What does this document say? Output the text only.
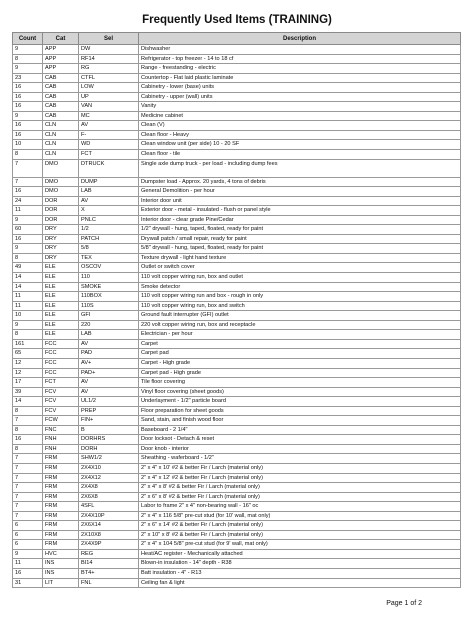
Frequently Used Items (TRAINING)
Count	Cat	Sel	Description
9	APP	DW	Dishwasher
8	APP	RF14	Refrigerator - top freezer - 14 to 18 cf
9	APP	RG	Range - freestanding - electric
23	CAB	CTFL	Countertop - Flat laid plastic laminate
16	CAB	LOW	Cabinetry - lower (base) units
16	CAB	UP	Cabinetry - upper (wall) units
16	CAB	VAN	Vanity
9	CAB	MC	Medicine cabinet
16	CLN	AV	Clean (V)
16	CLN	F-	Clean floor - Heavy
10	CLN	WD	Clean window unit (per side) 10 - 20 SF
8	CLN	FCT	Clean floor - tile
7	DMO	DTRUCK	Single axle dump truck - per load - including dump fees
7	DMO	DUMP	Dumpster load - Approx. 20 yards, 4 tons of debris
16	DMO	LAB	General Demolition - per hour
24	DOR	AV	Interior door unit
11	DOR	X	Exterior door - metal - insulated - flush or panel style
9	DOR	PNLC	Interior door - clear grade Pine/Cedar
60	DRY	1/2	1/2" drywall - hung, taped, floated, ready for paint
16	DRY	PATCH	Drywall patch / small repair, ready for paint
9	DRY	5/8	5/8" drywall - hung, taped, floated, ready for paint
8	DRY	TEX	Texture drywall - light hand texture
49	ELE	OSCOV	Outlet or switch cover
14	ELE	110	110 volt copper wiring run, box and outlet
14	ELE	SMOKE	Smoke detector
11	ELE	110BOX	110 volt copper wiring run and box - rough in only
11	ELE	110S	110 volt copper wiring run, box and switch
10	ELE	GFI	Ground fault interrupter (GFI) outlet
9	ELE	220	220 volt copper wiring run, box and receptacle
8	ELE	LAB	Electrician - per hour
161	FCC	AV	Carpet
65	FCC	PAD	Carpet pad
12	FCC	AV+	Carpet - High grade
12	FCC	PAD+	Carpet pad - High grade
17	FCT	AV	Tile floor covering
39	FCV	AV	Vinyl floor covering (sheet goods)
14	FCV	UL1/2	Underlayment - 1/2" particle board
8	FCV	PREP	Floor preparation for sheet goods
7	FCW	FIN+	Sand, stain, and finish wood floor
8	FNC	B	Baseboard - 2 1/4"
16	FNH	DORHRS	Door locksot - Detach & reset
8	FNH	DORH	Door knob - interior
7	FRM	SHW1/2	Sheathing - waferboard - 1/2"
7	FRM	2X4X10	2" x 4" x 10' #2 & better Fir / Larch (material only)
7	FRM	2X4X12	2" x 4" x 12' #2 & better Fir / Larch (material only)
7	FRM	2X4X8	2" x 4" x 8' #2 & better Fir / Larch (material only)
7	FRM	2X6X8	2" x 6" x 8' #2 & better Fir / Larch (material only)
7	FRM	4SFL	Labor to frame 2" x 4" non-bearing wall - 16" oc
7	FRM	2X4X10P	2" x 4" x 116 5/8" pre-cut stud (for 10' wall, mat only)
6	FRM	2X6X14	2" x 6" x 14' #2 & better Fir / Larch (material only)
6	FRM	2X10X8	2" x 10" x 8' #2 & better Fir / Larch (material only)
6	FRM	2X4X9P	2" x 4" x 104 5/8" pre-cut stud (for 9' wall, mat only)
9	HVC	REG	Heat/AC register - Mechanically attached
11	INS	BI14	Blown-in insulation - 14" depth - R38
16	INS	BT4+	Batt insulation - 4" - R13
31	LIT	FNL	Ceiling fan & light
Page 1 of 2
